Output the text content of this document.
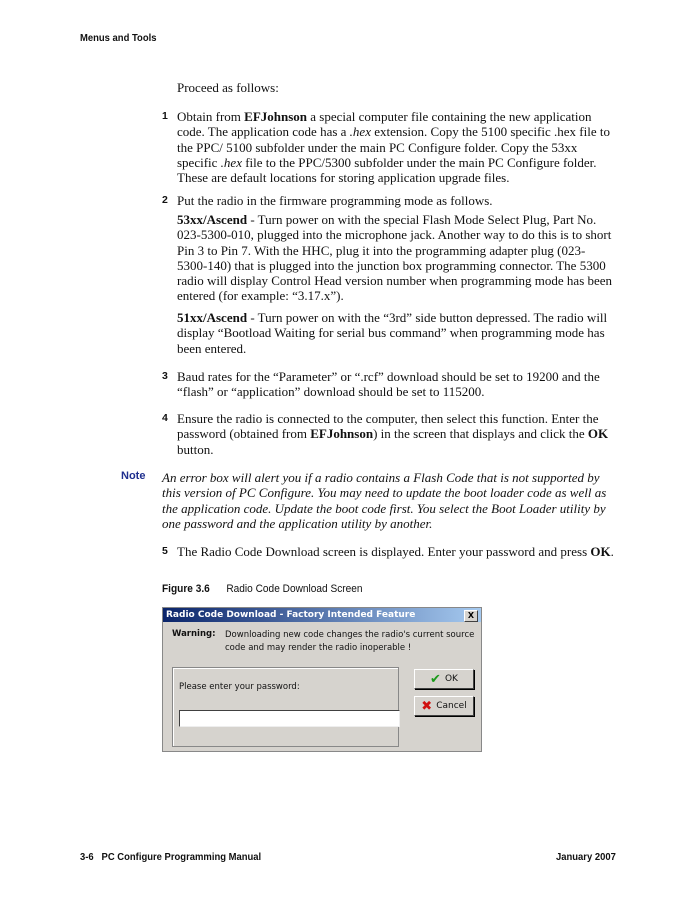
Menus and Tools
Proceed as follows:
1 Obtain from EFJohnson a special computer file containing the new application code. The application code has a .hex extension. Copy the 5100 specific .hex file to the PPC/ 5100 subfolder under the main PC Configure folder. Copy the 53xx specific .hex file to the PPC/5300 subfolder under the main PC Configure folder. These are default locations for storing application upgrade files.
2 Put the radio in the firmware programming mode as follows.
53xx/Ascend - Turn power on with the special Flash Mode Select Plug, Part No. 023-5300-010, plugged into the microphone jack. Another way to do this is to short Pin 3 to Pin 7. With the HHC, plug it into the programming adapter plug (023-5300-140) that is plugged into the junction box programming connector. The 5300 radio will display Control Head version number when programming mode has been entered (for example: “3.17.x”).
51xx/Ascend - Turn power on with the “3rd” side button depressed. The radio will display “Bootload Waiting for serial bus command” when programming mode has been entered.
3 Baud rates for the “Parameter” or “.rcf” download should be set to 19200 and the “flash” or “application” download should be set to 115200.
4 Ensure the radio is connected to the computer, then select this function. Enter the password (obtained from EFJohnson) in the screen that displays and click the OK button.
Note An error box will alert you if a radio contains a Flash Code that is not supported by this version of PC Configure. You may need to update the boot loader code as well as the application code. Update the boot code first. You select the Boot Loader utility by one password and the application utility by another.
5 The Radio Code Download screen is displayed. Enter your password and press OK.
Figure 3.6 Radio Code Download Screen
Radio Code Download - Factory Intended Feature	X
Warning: Downloading new code changes the radio's current source code and may render the radio inoperable !
Please enter your password:
✔ OK
✖ Cancel
3-6 PC Configure Programming Manual	January 2007
